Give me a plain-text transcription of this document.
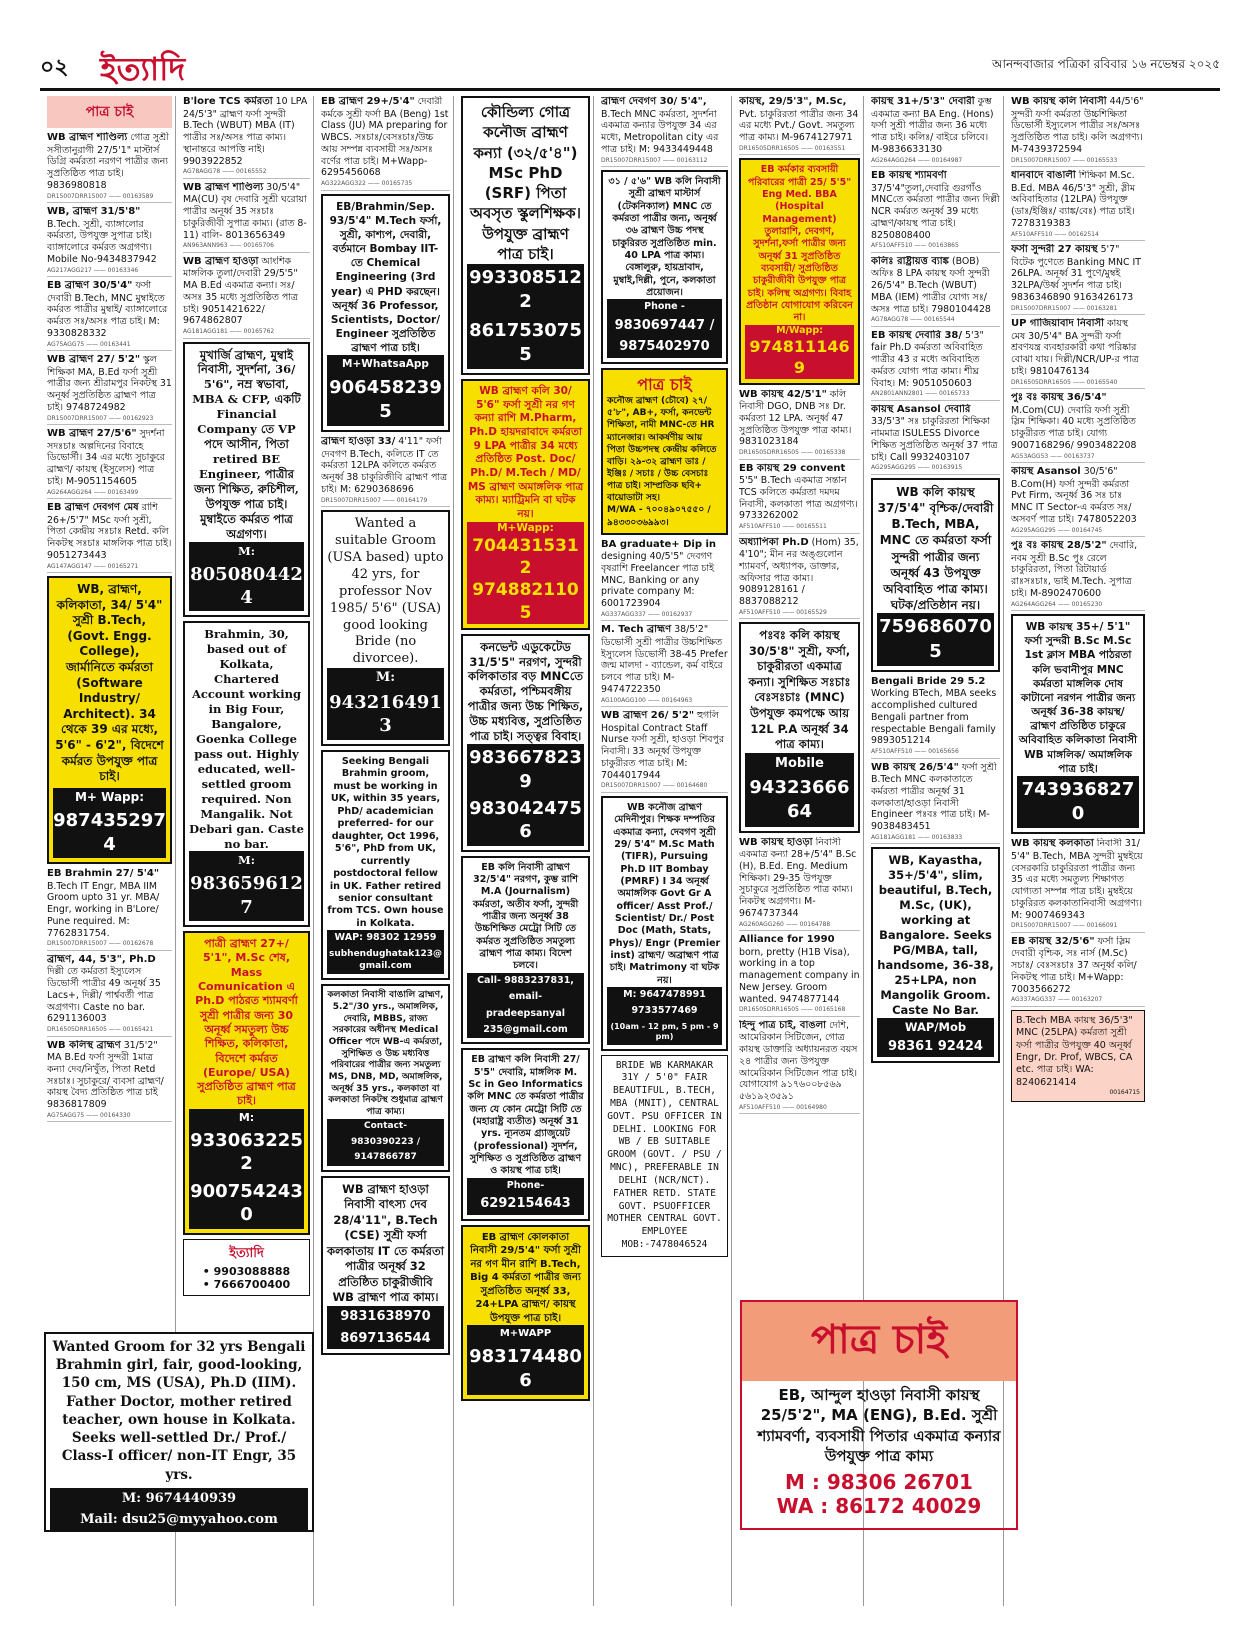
০২ ইত্যাদি	আনন্দবাজার পত্রিকা রবিবার ১৬ নভেম্বর ২০২৫
পাত্র চাই
WB ব্রাহ্মণ শাণ্ডিল্য গোত্র সুশ্রী সসীতানুরাগী 27/5'1" মাস্টার্স ডিগ্রি কর্মরতা নরগণ পাত্রীর জন্য সুপ্রতিষ্ঠিত পাত্র চাই। 9836980818
DR15007DRR15007 —— 00163589
WB, ব্রাহ্মণ 31/5'8" B.Tech. সুশ্রী, ব্যাঙ্গালোর কর্মরতা, উপযুক্ত সুপাত্র চাই। ব্যাঙ্গালোরে কর্মরত অগ্রগণ্য। Mobile No-9434837942
AG217AGG217 —— 00163346
EB ব্রাহ্মণ 30/5'4" ফর্সা দেবারী B.Tech, MNC মুম্বাইতে কর্মরত পাত্রীর মুম্বাই/ ব্যাঙ্গালোরে কর্মরত সঃ/অসঃ পাত্র চাই। M: 9330828332
AG75AGG75 —— 00163441
WB ব্রাহ্মণ 27/ 5'2" স্কুল শিক্ষিকা MA, B.Ed ফর্সা সুশ্রী পাত্রীর জন্য শ্রীরামপুর নিকটস্থ 31 অনূর্ধ্ব সুপ্রতিষ্ঠিত ব্রাহ্মণ পাত্র চাই। 9748724982
DR15007DRR15007 —— 00162923
WB ব্রাহ্মণ 27/5'6" সুদর্শনা সদঃচাঃ অল্পদিনের বিবাহে ডিভোর্সী। 34 এর মধ্যে সুচাকুরে ব্রাহ্মণ/ কায়স্থ (ইসুলেস) পাত্র চাই। M-9051154605
AG264AGG264 —— 00163499
EB ব্রাহ্মণ দেবগণ মেষ রাশি 26+/5'7" MSc ফর্সা সুশ্রী, পিতা কেন্দ্রীয় সঃচাঃ Retd. কলি নিকটস্থ সঃচাঃ মাঙ্গলিক পাত্র চাই। 9051273443
AG147AGG147 —— 00165271
WB, ব্রাহ্মণ, কলিকাতা, 34/ 5'4"
সুশ্রী B.Tech, (Govt. Engg. College), জার্মানিতে কর্মরতা (Software Industry/ Architect). 34 থেকে 39 এর মধ্যে, 5'6" - 6'2", বিদেশে কর্মরত উপযুক্ত পাত্র চাই।
M+ Wapp:
9874352974
EB Brahmin 27/ 5'4" B.Tech IT Engr, MBA IIM Groom upto 31 yr. MBA/ Engr, working in B'Lore/ Pune required. M: 7762831754.
DR15007DRR15007 —— 00162678
ব্রাহ্মণ, 44, 5'3", Ph.D দিল্লী তে কর্মরতা ইস্যুলেস ডিভোর্সী পাত্রীর 49 অনূর্ধ্ব 35 Lacs+, দিল্লী/ পার্শ্ববর্তী পাত্র অগ্রগণ্য। Caste no bar. 6291136003
DR16505DRR16505 —— 00165421
WB কলিস্থ ব্রাহ্মণ 31/5'2" MA B.Ed ফর্সা সুন্দরী 1মাত্র কন্যা দেব/নিখুঁত, পিতা Retd সঃচাঃ। সুচাকুরে/ ব্যবসা ব্রাহ্মণ/ কায়স্থ বৈদ্য প্রতিষ্ঠিত পাত্র চাই 9836817809
AG75AGG75 —— 00164330
B'lore TCS কর্মরতা 10 LPA 24/5'3" ব্রাহ্মণ ফর্সা সুন্দরী B.Tech (WBUT) MBA (IT) পাত্রীর সঃ/অসঃ পাত্র কাম্য। স্থানান্তরে আপত্তি নাই। 9903922852
AG78AGG78 —— 00165552
WB ব্রাহ্মণ শাণ্ডিল্য 30/5'4" MA(CU) বৃষ দেবারি সুশ্রী ঘরোয়া পাত্রীর অনূর্ধ্ব 35 সঃচাঃ চাকুরিজীবী সুপাত্র কাম্য। (রাত 8-11) বালি- 8013656349
AN963ANN963 —— 00165706
WB ব্রাহ্মণ হাওড়া আংশিক মাঙ্গলিক তুলা/দেবারী 29/5'5" MA B.Ed একমাত্র কন্যা। সঃ/অসঃ 35 মধ্যে সুপ্রতিষ্ঠিত পাত্র চাই। 9051421622/ 9674862807
AG181AGG181 —— 00165762
মুখার্জি ব্রাহ্মণ, মুম্বাই নিবাসী, সুদর্শনা, 36/ 5'6", নম্র স্বভাবা, MBA & CFP, একটি Financial Company তে VP পদে আসীন, পিতা retired BE Engineer, পাত্রীর জন্য শিক্ষিত, রুচিশীল, উপযুক্ত পাত্র চাই। মুম্বাইতে কর্মরত পাত্র অগ্রগণ্য।
M:
8050804424
Brahmin, 30, based out of Kolkata, Chartered Account working in Big Four, Bangalore, Goenka College pass out. Highly educated, well-settled groom required. Non Mangalik. Not Debari gan. Caste no bar.
M:
9836596127
পাত্রী ব্রাহ্মণ 27+/ 5'1", M.Sc শেষ, Mass Comunication এ Ph.D পাঠরত শ্যামবর্ণা সুশ্রী পাত্রীর জন্য 30 অনূর্ধ্ব সমতুল্য উচ্চ শিক্ষিত, কলিকাতা, বিদেশে কর্মরত (Europe/ USA) সুপ্রতিষ্ঠিত ব্রাহ্মণ পাত্র চাই।
M:
9330632252
9007542430
ইত্যাদি
• 9903088888
• 7666700400
Wanted Groom for 32 yrs Bengali Brahmin girl, fair, good-looking, 150 cm, MS (USA), Ph.D (IIM). Father Doctor, mother retired teacher, own house in Kolkata. Seeks well-settled Dr./ Prof./ Class-I officer/ non-IT Engr, 35 yrs.
M: 9674440939
Mail: dsu25@myyahoo.com
EB ব্রাহ্মণ 29+/5'4" দেবারী কর্মকে সুশ্রী ফর্সা BA (Beng) 1st Class (JU) MA preparing for WBCS. সঃচাঃ/বেসঃচাঃ/উচ্চ আয় সম্পন্ন ব্যবসায়ী সঃ/অসঃ বর্ণের পাত্র চাই। M+Wapp-6295456068
AG322AGG322 —— 00165735
EB/Brahmin/Sep. 93/5'4" M.Tech ফর্সা, সুশ্রী, কাশ্যপ, দেবারী, বর্তমানে Bombay IIT- তে Chemical Engineering (3rd year) এ PHD করছেন। অনূর্ধ্ব 36 Professor, Scientists, Doctor/ Engineer সুপ্রতিষ্ঠিত ব্রাহ্মণ পাত্র চাই।
M+WhatsaApp
9064582395
ব্রাহ্মণ হাওড়া 33/ 4'11" ফর্সা দেবগণ B.Tech, কলিতে IT তে কর্মরতা 12LPA কলিতে কর্মরত অনূর্ধ্ব 38 চাকুরিজীবি ব্রাহ্মণ পাত্র চাই। M: 6290368696
DR15007DRR15007 —— 00164179
Wanted a suitable Groom (USA based) upto 42 yrs, for professor Nov 1985/ 5'6" (USA) good looking Bride (no divorcee).
M:
9432164913
Seeking Bengali Brahmin groom, must be working in UK, within 35 years, PhD/ academician preferred- for our daughter, Oct 1996, 5'6", PhD from UK, currently postdoctoral fellow in UK. Father retired senior consultant from TCS. Own house in Kolkata.
WAP: 98302 12959
subhendughatak123@gmail.com
কলকাতা নিবাসী বাঙালি ব্রাহ্মণ, 5.2"/30 yrs., অমাঙ্গলিক, দেবারি, MBBS, রাজ্য সরকারের অধীনস্থ Medical Officer পদে WB-এ কর্মরতা, সুশিক্ষিত ও উচ্চ মধ্যবিত্ত পরিবারের পাত্রীর জন্য সমতুল্য MS, DNB, MD, অমাঙ্গলিক, অনূর্ধ্ব 35 yrs., কলকাতা বা কলকাতা নিকটস্থ শুধুমাত্র ব্রাহ্মণ পাত্র কাম্য।
Contact-
9830390223 /
9147866787
WB ব্রাহ্মণ হাওড়া নিবাসী বাৎস্য দেব 28/4'11", B.Tech (CSE) সুশ্রী ফর্সা কলকাতায় IT তে কর্মরতা পাত্রীর অনূর্ধ্ব 32 প্রতিষ্ঠিত চাকুরীজীবি WB ব্রাহ্মণ পাত্র কাম্য।
9831638970
8697136544
কৌন্ডিল্য গোত্র কনৌজ ব্রাহ্মণ কন্যা (৩২/৫'৪") MSc PhD (SRF) পিতা অবসৃত স্কুলশিক্ষক। উপযুক্ত ব্রাহ্মণ পাত্র চাই।
9933085122
8617530755
WB ব্রাহ্মণ কলি 30/ 5'6" ফর্সা সুশ্রী নর গণ কন্যা রাশি M.Pharm, Ph.D হায়দরাবাদে কর্মরতা 9 LPA পাত্রীর 34 মধ্যে প্রতিষ্ঠিত Post. Doc/ Ph.D/ M.Tech / MD/ MS ব্রাহ্মণ অমাঙ্গলিক পাত্র কাম্য। ম্যাট্রিমনি বা ঘটক নয়।
M+Wapp:
7044315312
9748821105
কনভেন্ট এডুকেটেড 31/5'5" নরগণ, সুন্দরী কলিকাতার বড় MNCতে কর্মরতা, পশ্চিমবঙ্গীয় পাত্রীর জন্য উচ্চ শিক্ষিত, উচ্চ মধ্যবিত্ত, সুপ্রতিষ্ঠিত পাত্র চাই। সত্ত্বর বিবাহ।
9836678239
9830424756
EB কলি নিবাসী ব্রাহ্মণ 32/5'4" নরগণ, কুম্ভ রাশি M.A (Journalism) কর্মরতা, অতীব ফর্সা, সুন্দরী পাত্রীর জন্য অনূর্ধ্ব 38 উচ্চশিক্ষিত মেট্রো সিটি তে কর্মরত সুপ্রতিষ্ঠিত সমতুল্য ব্রাহ্মণ পাত্র কাম্য। বিদেশ চলবে।
Call- 9883237831,
email-
pradeepsanyal
235@gmail.com
EB ব্রাহ্মণ কলি নিবাসী 27/ 5'5" দেবারি, মাঙ্গলিক M. Sc in Geo Informatics কলি MNC তে কর্মরতা পাত্রীর জন্য যে কোন মেট্রো সিটি তে (মহারাষ্ট্র ব্যতীত) অনূর্ধ্ব 31 yrs. ন্যূনতম গ্র্যাজুয়েট (professional) সুদর্শন, সুশিক্ষিত ও সুপ্রতিষ্ঠিত ব্রাহ্মণ ও কায়স্থ পাত্র চাই।
Phone-
6292154643
EB ব্রাহ্মণ কোলকাতা নিবাসী 29/5'4" ফর্সা সুশ্রী নর গণ মীন রাশি B.Tech, Big 4 কর্মরতা পাত্রীর জন্য সুপ্রতিষ্ঠিত অনূর্ধ্ব 33, 24+LPA ব্রাহ্মণ/ কায়স্থ উপযুক্ত পাত্র চাই।
M+WAPP
9831744806
ব্রাহ্মণ দেবগণ 30/ 5'4", B.Tech MNC কর্মরতা, সুদর্শনা একমাত্র কন্যার উপযুক্ত 34 এর মধ্যে, Metropolitan city এর পাত্র চাই। M: 9433449448
DR15007DRR15007 —— 00163112
৩১ / ৫'৬" WB কলি নিবাসী সুশ্রী ব্রাহ্মণ মাস্টার্স (টেকনিক্যাল) MNC তে কর্মরতা পাত্রীর জন্য, অনূর্ধ্ব ৩৬ ব্রাহ্মণ উচ্চ পদস্থ চাকুরিরত সুপ্রতিষ্ঠিত min. 40 LPA পাত্র কাম্য। বেঙ্গালুরু, হায়দ্রাবাদ, মুম্বাই,দিল্লী, পুনে, কলকাতা প্রয়োজন।
Phone -
9830697447 /
9875402970
পাত্র চাই
কনৌজ ব্রাহ্মণ (চৌবে) ২৭/ ৫'৮", AB+, ফর্সা, কনভেন্ট শিক্ষিতা, নামী MNC-তে HR ম্যানেজার। আকর্ষণীয় আয় পিতা উচ্চপদস্থ কেন্দ্রীয় কলিতে বাড়ি। ২৯-৩২ ব্রাহ্মণ ডাঃ / ইঞ্জিঃ / সচাঃ / উচ্চ বেসচাঃ পাত্র চাই। সাম্প্রতিক ছবি+ বায়োডাটা সহ।
M/WA - ৭০০৪৯০৭৫৫০ / ৯৪৩৩০৩৬৯৯৩।
BA graduate+ Dip in designing 40/5'5" দেবগণ বৃষরাশি Freelancer পাত্র চাই MNC, Banking or any private company M: 6001723904
AG337AGG337 —— 00162937
M. Tech ব্রাহ্মণ 38/5'2" ডিভোর্সী সুশ্রী পাত্রীর উচ্চশিক্ষিত ইস্যুলেস ডিভোর্সী 38-45 Prefer জন্ম মালদা - ব্যান্ডেল, কর্ম বাইরে চলবে পাত্র চাই। M-9474722350
AG100AGG100 —— 00164963
WB ব্রাহ্মণ 26/ 5'2" হুগলি Hospital Contract Staff Nurse ফর্সা সুশ্রী, হাওড়া শিবপুর নিবাসী। 33 অনূর্ধ্ব উপযুক্ত চাকুরীরত পাত্র চাই। M: 7044017944
DR15007DRR15007 —— 00164680
WB কনৌজ ব্রাহ্মণ মেদিনীপুর। শিক্ষক দম্পতির একমাত্র কন্যা, দেবগণ সুশ্রী 29/ 5'4" M.Sc Math (TIFR), Pursuing Ph.D IIT Bombay (PMRF) I 34 অনূর্ধ্ব অমাঙ্গলিক Govt Gr A officer/ Asst Prof./ Scientist/ Dr./ Post Doc (Math, Stats, Phys)/ Engr (Premier inst) ব্রাহ্মণ/ অব্রাহ্মণ পাত্র চাই। Matrimony বা ঘটক নয়।
M: 9647478991
9733577469
(10am - 12 pm, 5 pm - 9 pm)
BRIDE WB KARMAKAR 31Y / 5'0" FAIR BEAUTIFUL, B.TECH, MBA (MNIT), CENTRAL GOVT. PSU OFFICER IN DELHI. LOOKING FOR WB / EB SUITABLE GROOM (GOVT. / PSU / MNC), PREFERABLE IN DELHI (NCR/NCT). FATHER RETD. STATE GOVT. PSUOFFICER MOTHER CENTRAL GOVT. EMPLOYEE MOB:-7478046524
কায়স্থ, 29/5'3", M.Sc, Pvt. চাকুরিরতা পাত্রীর জন্য 34 এর মধ্যে Pvt./ Govt. সমতুল্য পাত্র কাম্য। M-9674127971
DR16505DRR16505 —— 00163551
EB কর্মকার ব্যবসায়ী পরিবারের পাত্রী 25/ 5'5" Eng Med. BBA (Hospital Management) তুলারাশি, দেবগণ, সুদর্শনা,ফর্সা পাত্রীর জন্য অনূর্ধ্ব 31 সুপ্রতিষ্ঠিত ব্যবসায়ী/ সুপ্রতিষ্ঠিত চাকুরীজীবী উপযুক্ত পাত্র চাই। কলিস্থ অগ্রগণ্য। বিবাহ প্রতিষ্ঠান যোগাযোগ করিবেন না।
M/Wapp:
9748111469
WB কায়স্থ 42/5'1" কলি নিবাসী DGO, DNB সঃ Dr. কর্মরতা 12 LPA. অনূর্ধ্ব 47 সুপ্রতিষ্ঠিত উপযুক্ত পাত্র কাম্য। 9831023184
DR16505DRR16505 —— 00165338
EB কায়স্থ 29 convent 5'5" B.Tech একমাত্র সন্তান TCS কলিতে কর্মরতা দমদম নিবাসী, কলকাতা পাত্র অগ্রগণ্য। 9733262002
AF510AFF510 —— 00165511
অধ্যাপিকা Ph.D (Hom) 35, 4'10"; মীন নর অঙ্গুলোন শ্যামবর্ণ, অধ্যাপক, ডাক্তার, অফিসার পাত্র কাম্য। 9089128161 / 8837088212
AF510AFF510 —— 00165529
পঃবঃ কলি কায়স্থ 30/5'8" সুশ্রী, ফর্সা, চাকুরীরতা একমাত্র কন্যা। সুশিক্ষিত সঃচাঃ বেঃসঃচাঃ (MNC) উপযুক্ত কমপক্ষে আয় 12L P.A অনূর্ধ্ব 34 পাত্র কাম্য।
Mobile
9432366664
WB কায়স্থ হাওড়া নিবাসী একমাত্র কন্যা 28+/5'4" B.Sc (H), B.Ed. Eng. Medium শিক্ষিকা। 29-35 উপযুক্ত সুচাকুরে সুপ্রতিষ্ঠিত পাত্র কাম্য। নিকটস্থ অগ্রগণ্য। M-9674737344
AG260AGG260 —— 00164788
Alliance for 1990 born, pretty (H1B Visa), working in a top management company in New Jersey. Groom wanted. 9474877144
DR16505DRR16505 —— 00165168
হিন্দু পাত্র চাই, বাঙলা দেশি, আমেরিকান সিটিজেন, গোত্র কায়স্থ ডাক্তারি অধ্যায়নরত বয়স ২৪ পাত্রীর জন্য উপযুক্ত আমেরিকান সিটিজেন পাত্র চাই। যোগাযোগ ৯১৭৬০০৮৫৬৯ ৫৬১৯২৩৫৯১
AF510AFF510 —— 00164980
কায়স্থ 31+/5'3" দেবারী কুম্ভ একমাত্র কন্যা BA Eng. (Hons) ফর্সা সুশ্রী পাত্রীর জন্য 36 মধ্যে পাত্র চাই। কলিঃ/ বাইরে চলিবে। M-9836633130
AG264AGG264 —— 00164987
EB কায়স্থ শ্যামবর্ণা 37/5'4"তুলা,দেবারি গুরগাঁও MNCতে কর্মরতা পাত্রীর জন্য দিল্লী NCR কর্মরত অনূর্ধ্ব 39 মধ্যে ব্রাহ্মণ/কায়স্থ পাত্র চাই।8250808400
AF510AFF510 —— 00163865
কলিঃ রাষ্ট্রায়ত্ত ব্যাঙ্ক (BOB) অফিঃ 8 LPA কায়স্থ ফর্সা সুন্দরী 26/5'4" B.Tech (WBUT) MBA (IEM) পাত্রীর যোগ্য সঃ/অসঃ পাত্র চাই। 7980104428
AG78AGG78 —— 00165544
EB কায়স্থ দেবারি 38/ 5'3" fair Ph.D কর্মরতা অবিবাহিত পাত্রীর 43 র মধ্যে অবিবাহিত কর্মরত যোগ্য পাত্র কাম্য। শীঘ্র বিবাহ। M: 9051050603
AN2801ANN2801 —— 00165733
কায়স্থ Asansol দেবারি 33/5'3" সঃ চাকুরিরতা শিক্ষিকা নামমাত্র ISULESS Divorce শিক্ষিত সুপ্রতিষ্ঠিত অনূর্ধ্ব 37 পাত্র চাই। Call 9932403107
AG295AGG295 —— 00163915
WB কলি কায়স্থ 37/5'4" বৃশ্চিক/দেবারী B.Tech, MBA, MNC তে কর্মরতা ফর্সা সুন্দরী পাত্রীর জন্য অনূর্ধ্ব 43 উপযুক্ত অবিবাহিত পাত্র কাম্য। ঘটক/প্রতিষ্ঠান নয়।
7596860705
Bengali Bride 29 5.2 Working BTech, MBA seeks accomplished cultured Bengali partner from respectable Bengali family 9893051214
AF510AFF510 —— 00165656
WB কায়স্থ 26/5'4" ফর্সা সুশ্রী B.Tech MNC কলকাতাতে কর্মরতা পাত্রীর অনূর্ধ্ব 31 কলকাতা/হাওড়া নিবাসী Engineer পঃবঃ পাত্র চাই। M-9038483451
AG181AGG181 —— 00163833
WB, Kayastha, 35+/5'4", slim, beautiful, B.Tech, M.Sc, (UK), working at Bangalore. Seeks PG/MBA, tall, handsome, 36-38, 25+LPA, non Mangolik Groom. Caste No Bar.
WAP/Mob
98361 92424
WB কায়স্থ কলি নিবাসী 44/5'6" সুন্দরী ফর্সা কর্মরতা উচ্চশিক্ষিতা ডিভোর্সী ইস্যুলেস পাত্রীর সঃ/অসঃ সুপ্রতিষ্ঠিত পাত্র চাই। কলি অগ্রগণ্য। M-7439372594
DR15007DRR15007 —— 00165533
ধানবাদে বাঙালী শিক্ষিকা M.Sc. B.Ed. MBA 46/5'3" সুশ্রী, স্লীম অবিবাহিতার (12LPA) উপযুক্ত (ডাঃ/ইঞ্জিঃ/ ব্যাঙ্ক/বেঃ) পাত্র চাই। 7278319383
AF510AFF510 —— 00162514
ফর্সা সুন্দরী 27 কায়স্থ 5'7" বিটেক পুণেতে Banking MNC IT 26LPA. অনূর্ধ্ব 31 পুণে/মুম্বই 32LPA/উর্ধ্ব সুদর্শন পাত্র চাই। 9836346890 9163426173
DR15007DRR15007 —— 00163281
UP গাজিয়াবাদ নিবাসী কায়স্থ মেষ 30/5'4" BA সুন্দরী ফর্সা শ্রবণযন্ত্র ব্যবহারকারী কথা পরিষ্কার বোঝা যায়। দিল্লী/NCR/UP-র পাত্র চাই। 9810476134
DR16505DRR16505 —— 00165540
পুঃ বঃ কায়স্থ 36/5'4" M.Com(CU) দেবারি ফর্সা সুশ্রী স্লিম শিক্ষিকা। 40 মধ্যে সুপ্রতিষ্ঠিত চাকুরীরত পাত্র চাই। যোগ্য 9007168296/ 9903482208
AG53AGG53 —— 00163737
কায়স্থ Asansol 30/5'6" B.Com(H) ফর্সা সুন্দরী কর্মরতা Pvt Firm, অনূর্ধ্ব 36 সঃ চাঃ MNC IT Sector-এ কর্মরত সঃ/ অসবর্ণ পাত্র চাই। 7478052203
AG295AGG295 —— 00164745
পুঃ বঃ কায়স্থ 28/5'2" দেবারি, নবম সুশ্রী B.Sc পুঃ রেলে চাকুরিরতা, পিতা রিটায়ার্ড রাঃসঃচাঃ, ভাই M.Tech. সুপাত্র চাই। M-8902470600
AG264AGG264 —— 00165230
WB কায়স্থ 35+/ 5'1" ফর্সা সুন্দরী B.Sc M.Sc 1st ক্লাস MBA পাঠরতা কলি ভবানীপুর MNC কর্মরতা মাঙ্গলিক দোষ কাটানো নরগন পাত্রীর জন্য অনূর্ধ্ব 36-38 কায়স্থ/ ব্রাহ্মণ প্রতিষ্ঠিত চাকুরে অবিবাহিত কলিকাতা নিবাসী WB মাঙ্গলিক/ অমাঙ্গলিক পাত্র চাই।
7439368270
WB কায়স্থ কলকাতা নিবাসী 31/ 5'4" B.Tech, MBA সুন্দরী মুম্বইয়ে বেসরকারি চাকুরিরতা পাত্রীর জন্য 35 এর মধ্যে সমতুল্য শিক্ষাগত যোগ্যতা সম্পন্ন পাত্র চাই। মুম্বইয়ে চাকুরিরত কলকাতানিবাসী অগ্রগণ্য। M: 9007469343
DR15007DRR15007 —— 00166091
EB কায়স্থ 32/5'6" ফর্সা স্লিম দেবারী বৃশ্চিক, সঃ নার্স (M.Sc) সচাঃ/ বেঃসঃচাঃ 37 অনূর্ধ্ব কলি/ নিকটস্থ পাত্র চাই। M+Wapp: 7003566272
AG337AGG337 —— 00163207
B.Tech MBA কায়স্থ 36/5'3" MNC (25LPA) কর্মরতা সুশ্রী ফর্সা পাত্রীর উপযুক্ত 40 অনূর্ধ্ব Engr, Dr. Prof, WBCS, CA etc. পাত্র চাই। WA: 8240621414
00164715
পাত্র চাই
EB, আন্দুল হাওড়া নিবাসী কায়স্থ 25/5'2", MA (ENG), B.Ed. সুশ্রী শ্যামবর্ণা, ব্যবসায়ী পিতার একমাত্র কন্যার উপযুক্ত পাত্র কাম্য
M : 98306 26701
WA : 86172 40029
